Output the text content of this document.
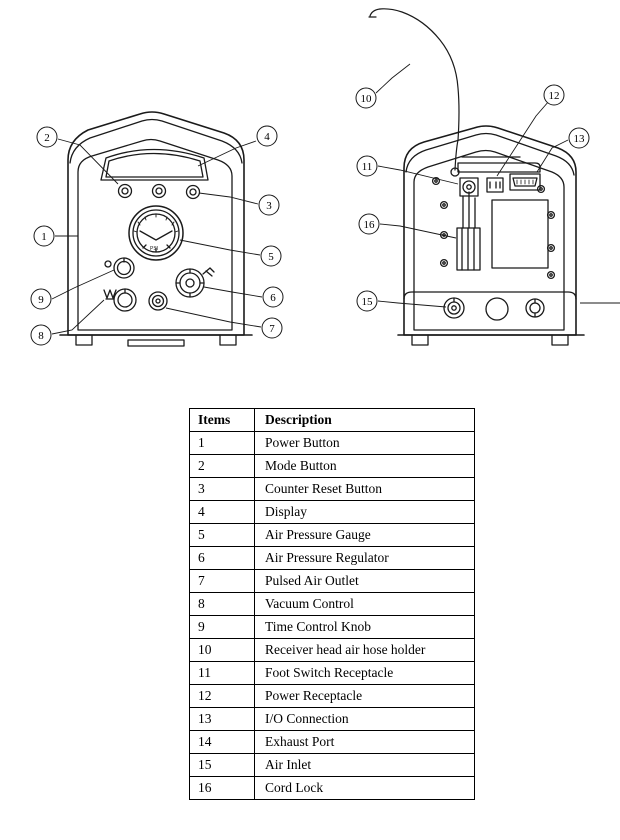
PSI
1
2
3
4
5
6
7
8
9
10
11
12
13
15
16
Items	Description
1	Power Button
2	Mode Button
3	Counter Reset Button
4	Display
5	Air Pressure Gauge
6	Air Pressure Regulator
7	Pulsed Air Outlet
8	Vacuum Control
9	Time Control Knob
10	Receiver head air hose holder
11	Foot Switch Receptacle
12	Power Receptacle
13	I/O Connection
14	Exhaust Port
15	Air Inlet
16	Cord Lock
